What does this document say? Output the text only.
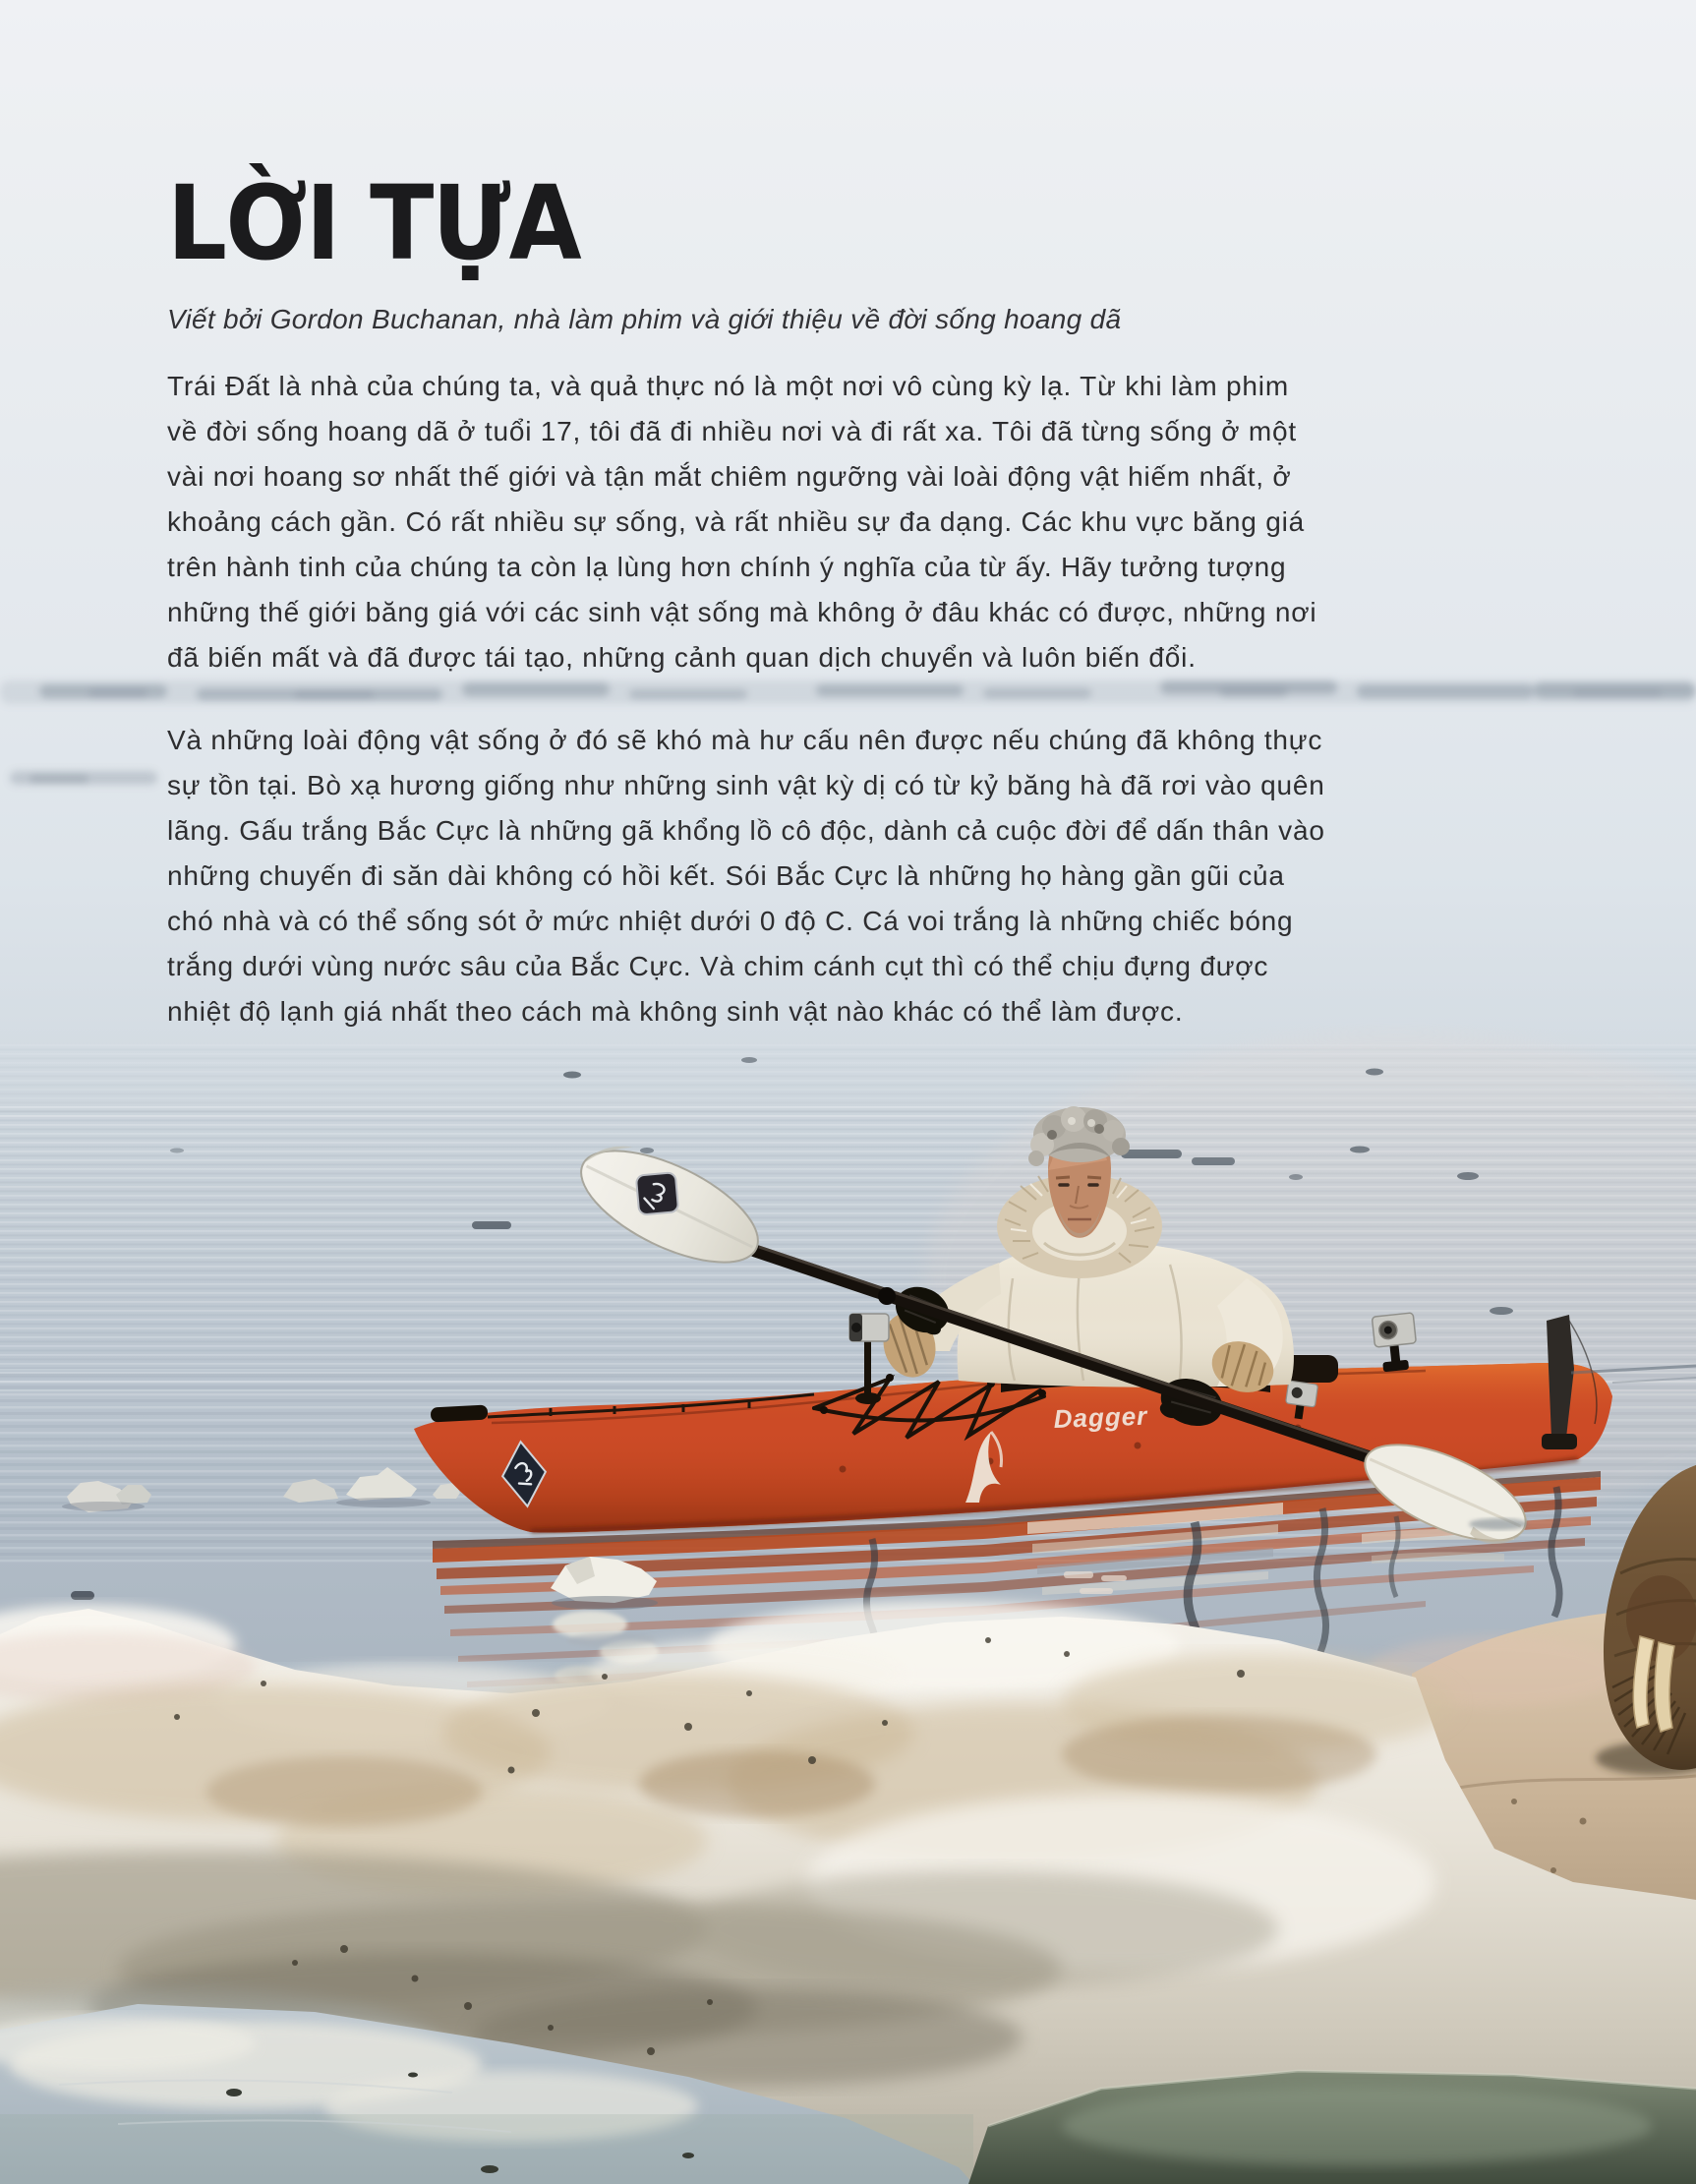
Dagger
LỜI TỰA

Viết bởi Gordon Buchanan, nhà làm phim và giới thiệu về đời sống hoang dã

Trái Đất là nhà của chúng ta, và quả thực nó là một nơi vô cùng kỳ lạ. Từ khi làm phim
về đời sống hoang dã ở tuổi 17, tôi đã đi nhiều nơi và đi rất xa. Tôi đã từng sống ở một
vài nơi hoang sơ nhất thế giới và tận mắt chiêm ngưỡng vài loài động vật hiếm nhất, ở
khoảng cách gần. Có rất nhiều sự sống, và rất nhiều sự đa dạng. Các khu vực băng giá
trên hành tinh của chúng ta còn lạ lùng hơn chính ý nghĩa của từ ấy. Hãy tưởng tượng
những thế giới băng giá với các sinh vật sống mà không ở đâu khác có được, những nơi
đã biến mất và đã được tái tạo, những cảnh quan dịch chuyển và luôn biến đổi.
Và những loài động vật sống ở đó sẽ khó mà hư cấu nên được nếu chúng đã không thực
sự tồn tại. Bò xạ hương giống như những sinh vật kỳ dị có từ kỷ băng hà đã rơi vào quên
lãng. Gấu trắng Bắc Cực là những gã khổng lồ cô độc, dành cả cuộc đời để dấn thân vào
những chuyến đi săn dài không có hồi kết. Sói Bắc Cực là những họ hàng gần gũi của
chó nhà và có thể sống sót ở mức nhiệt dưới 0 độ C. Cá voi trắng là những chiếc bóng
trắng dưới vùng nước sâu của Bắc Cực. Và chim cánh cụt thì có thể chịu đựng được
nhiệt độ lạnh giá nhất theo cách mà không sinh vật nào khác có thể làm được.
